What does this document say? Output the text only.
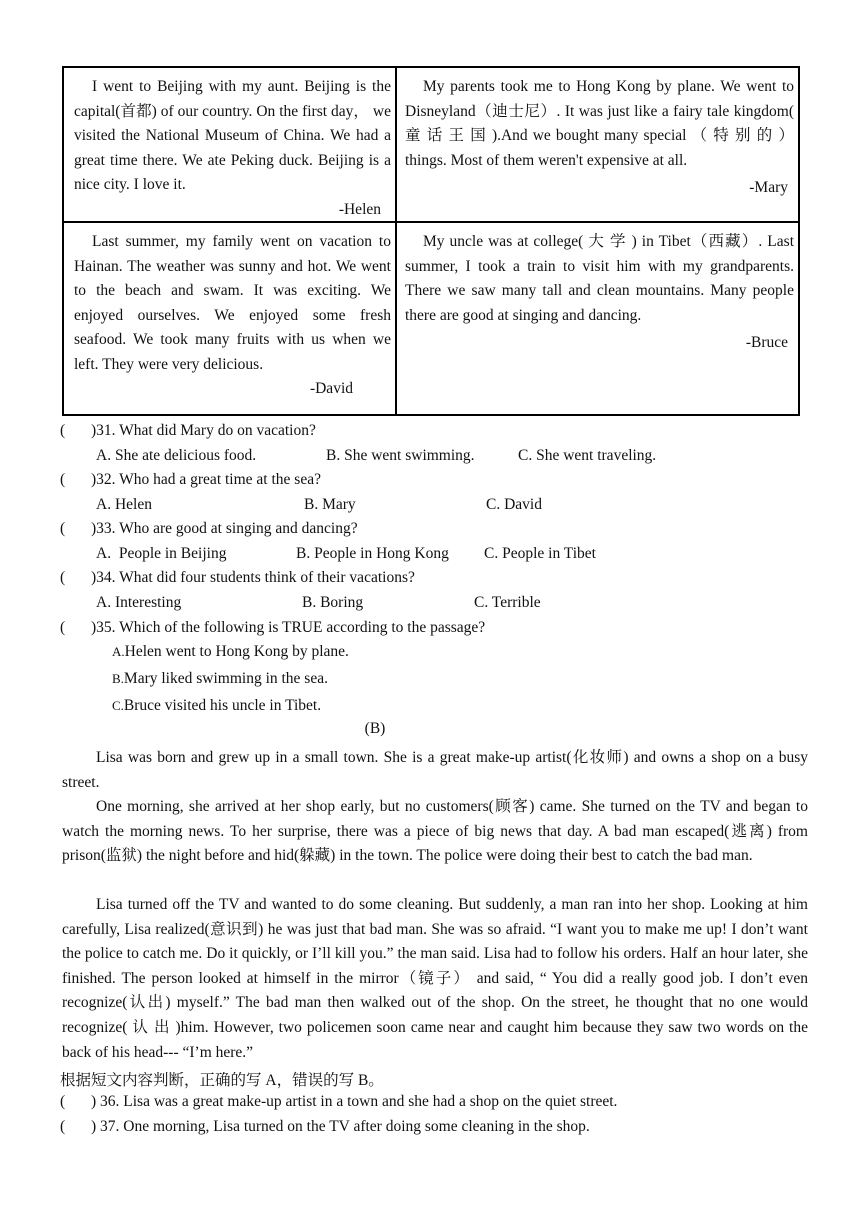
I went to Beijing with my aunt. Beijing is the capital(首都) of our country. On the first day， we visited the National Museum of China. We had a great time there. We ate Peking duck. Beijing is a nice city. I love it.

-Helen

My parents took me to Hong Kong by plane. We went to Disneyland（迪士尼）. It was just like a fairy tale kingdom( 童 话 王 国 ).And we bought many special （ 特 别 的 ） things. Most of them weren't expensive at all.

-Mary

Last summer, my family went on vacation to Hainan. The weather was sunny and hot. We went to the beach and swam. It was exciting. We enjoyed ourselves. We enjoyed some fresh seafood. We took many fruits with us when we left. They were very delicious.

-David

My uncle was at college( 大 学 ) in Tibet（西藏）. Last summer, I took a train to visit him with my grandparents. There we saw many tall and clean mountains. Many people there are good at singing and dancing.

-Bruce
( )31. What did Mary do on vacation?
A. She ate delicious food.	B. She went swimming.	C. She went traveling.
( )32. Who had a great time at the sea?
A. Helen	B. Mary	C. David
( )33. Who are good at singing and dancing?
A.  People in Beijing	B. People in Hong Kong C. People in Tibet
( )34. What did four students think of their vacations?
A. Interesting	B. Boring	C. Terrible
( )35. Which of the following is TRUE according to the passage?
A.Helen went to Hong Kong by plane.
B.Mary liked swimming in the sea.
C.Bruce visited his uncle in Tibet.
(B)

Lisa was born and grew up in a small town. She is a great make-up artist(化妆师) and owns a shop on a busy street.

One morning, she arrived at her shop early, but no customers(顾客) came. She turned on the TV and began to watch the morning news. To her surprise, there was a piece of big news that day. A bad man escaped(逃离) from prison(监狱) the night before and hid(躲藏) in the town. The police were doing their best to catch the bad man.

Lisa turned off the TV and wanted to do some cleaning. But suddenly, a man ran into her shop. Looking at him carefully, Lisa realized(意识到) he was just that bad man. She was so afraid. “I want you to make me up! I don’t want the police to catch me. Do it quickly, or I’ll kill you.” the man said. Lisa had to follow his orders. Half an hour later, she finished. The person looked at himself in the mirror（镜子） and said, “ You did a really good job. I don’t even recognize(认出) myself.” The bad man then walked out of the shop. On the street, he thought that no one would recognize( 认 出 )him. However, two policemen soon came near and caught him because they saw two words on the back of his head--- “I’m here.”

根据短文内容判断，正确的写 A，错误的写 B。
( ) 36. Lisa was a great make-up artist in a town and she had a shop on the quiet street.
( ) 37. One morning, Lisa turned on the TV after doing some cleaning in the shop.
